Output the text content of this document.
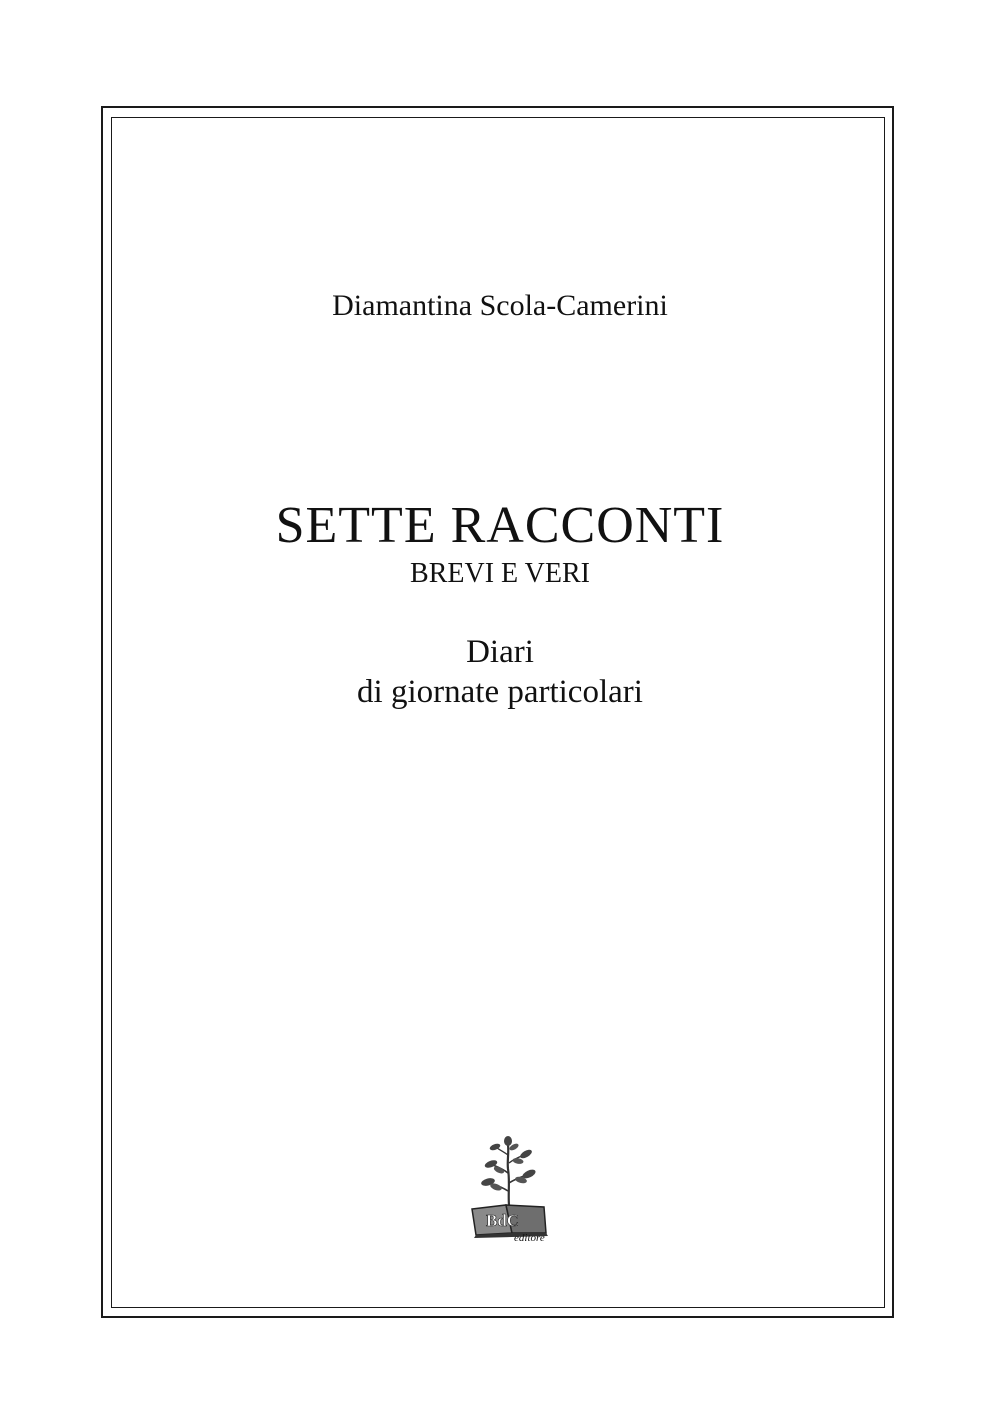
Diamantina Scola-Camerini
SETTE RACCONTI
BREVI E VERI
Diari
di giornate particolari
BdC
editore
